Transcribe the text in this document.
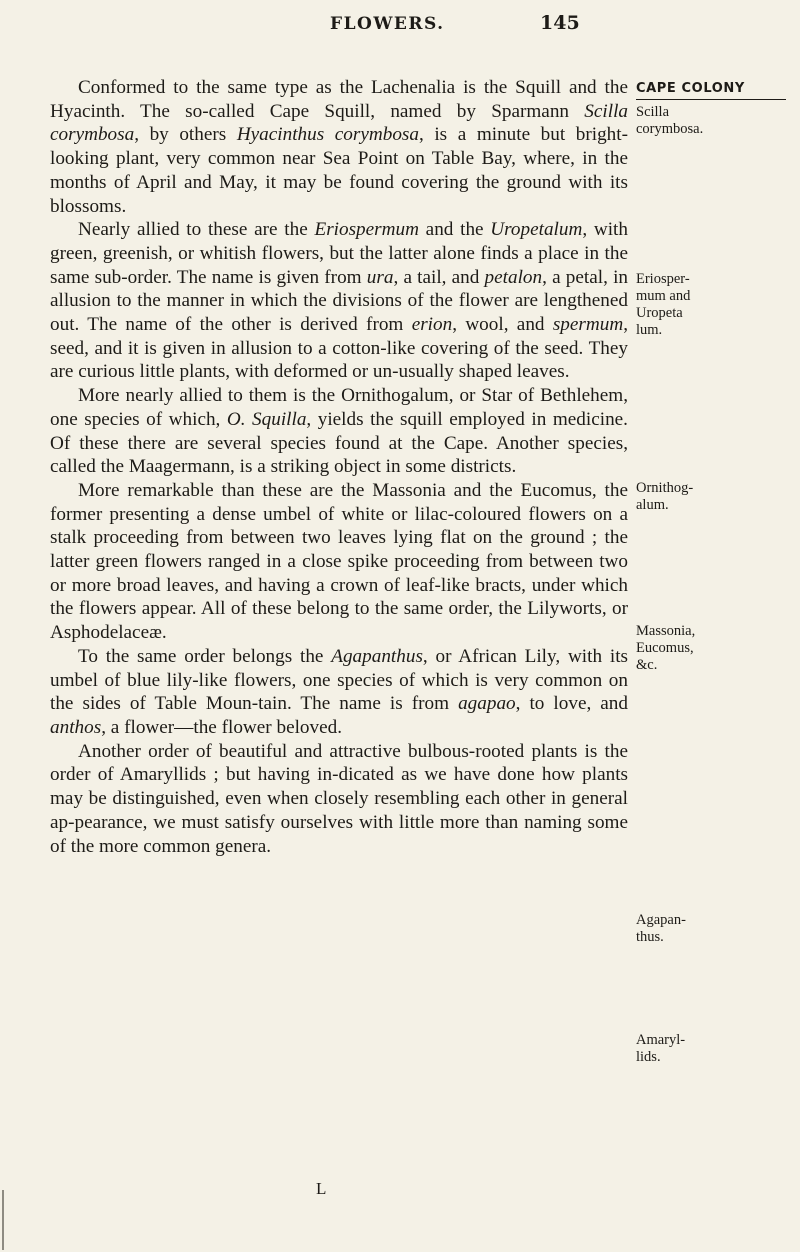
FLOWERS.	145

Conformed to the same type as the Lachenalia is the Squill and the Hyacinth. The so-called Cape Squill, named by Sparmann Scilla corymbosa, by others Hyacinthus corymbosa, is a minute but bright-looking plant, very common near Sea Point on Table Bay, where, in the months of April and May, it may be found covering the ground with its blossoms.

Nearly allied to these are the Eriospermum and the Uropetalum, with green, greenish, or whitish flowers, but the latter alone finds a place in the same sub-order. The name is given from ura, a tail, and petalon, a petal, in allusion to the manner in which the divisions of the flower are lengthened out. The name of the other is derived from erion, wool, and spermum, seed, and it is given in allusion to a cotton-like covering of the seed. They are curious little plants, with deformed or un-usually shaped leaves.

More nearly allied to them is the Ornithogalum, or Star of Bethlehem, one species of which, O. Squilla, yields the squill employed in medicine. Of these there are several species found at the Cape. Another species, called the Maagermann, is a striking object in some districts.

More remarkable than these are the Massonia and the Eucomus, the former presenting a dense umbel of white or lilac-coloured flowers on a stalk proceeding from between two leaves lying flat on the ground ; the latter green flowers ranged in a close spike proceeding from between two or more broad leaves, and having a crown of leaf-like bracts, under which the flowers appear. All of these belong to the same order, the Lilyworts, or Asphodelaceæ.

To the same order belongs the Agapanthus, or African Lily, with its umbel of blue lily-like flowers, one species of which is very common on the sides of Table Moun-tain. The name is from agapao, to love, and anthos, a flower—the flower beloved.

Another order of beautiful and attractive bulbous-rooted plants is the order of Amaryllids ; but having in-dicated as we have done how plants may be distinguished, even when closely resembling each other in general ap-pearance, we must satisfy ourselves with little more than naming some of the more common genera.

CAPE COLONY
Scilla corymbosa.
Eriosper-mum and Uropeta lum.
Ornithog-alum.
Massonia, Eucomus, &c.
Agapan-thus.
Amaryl-lids.
L
